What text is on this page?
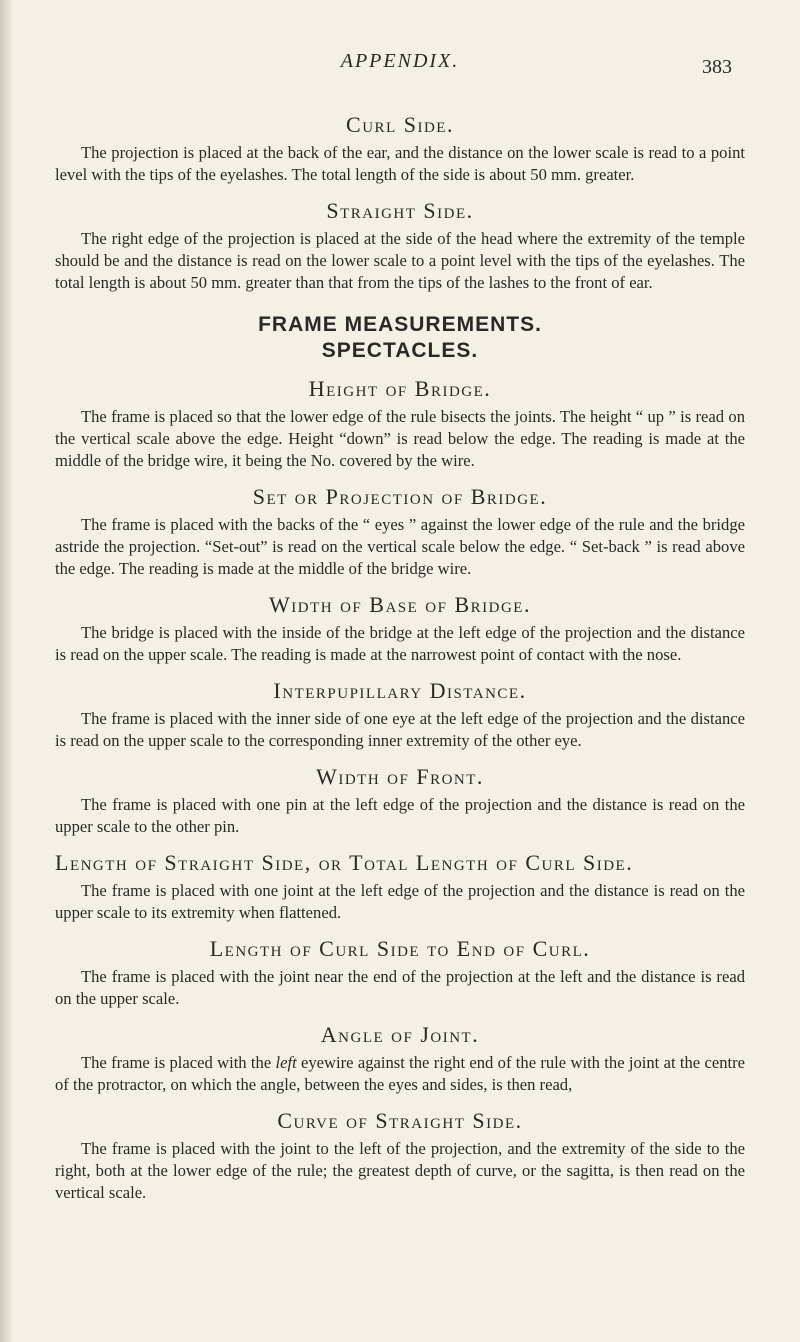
APPENDIX.	383
Curl Side.

The projection is placed at the back of the ear, and the distance on the lower scale is read to a point level with the tips of the eyelashes. The total length of the side is about 50 mm. greater.

Straight Side.

The right edge of the projection is placed at the side of the head where the extremity of the temple should be and the distance is read on the lower scale to a point level with the tips of the eyelashes. The total length is about 50 mm. greater than that from the tips of the lashes to the front of ear.

FRAME MEASUREMENTS.
SPECTACLES.
Height of Bridge.

The frame is placed so that the lower edge of the rule bisects the joints. The height “ up ” is read on the vertical scale above the edge. Height “down” is read below the edge. The reading is made at the middle of the bridge wire, it being the No. covered by the wire.

Set or Projection of Bridge.

The frame is placed with the backs of the “ eyes ” against the lower edge of the rule and the bridge astride the projection. “Set-out” is read on the vertical scale below the edge. “ Set-back ” is read above the edge. The reading is made at the middle of the bridge wire.

Width of Base of Bridge.

The bridge is placed with the inside of the bridge at the left edge of the projection and the distance is read on the upper scale. The reading is made at the narrowest point of contact with the nose.

Interpupillary Distance.

The frame is placed with the inner side of one eye at the left edge of the projection and the distance is read on the upper scale to the corresponding inner extremity of the other eye.

Width of Front.

The frame is placed with one pin at the left edge of the projection and the distance is read on the upper scale to the other pin.

Length of Straight Side, or Total Length of Curl Side.

The frame is placed with one joint at the left edge of the projection and the distance is read on the upper scale to its extremity when flattened.

Length of Curl Side to End of Curl.

The frame is placed with the joint near the end of the projection at the left and the distance is read on the upper scale.

Angle of Joint.

The frame is placed with the left eyewire against the right end of the rule with the joint at the centre of the protractor, on which the angle, between the eyes and sides, is then read,

Curve of Straight Side.

The frame is placed with the joint to the left of the projection, and the extremity of the side to the right, both at the lower edge of the rule; the greatest depth of curve, or the sagitta, is then read on the vertical scale.
